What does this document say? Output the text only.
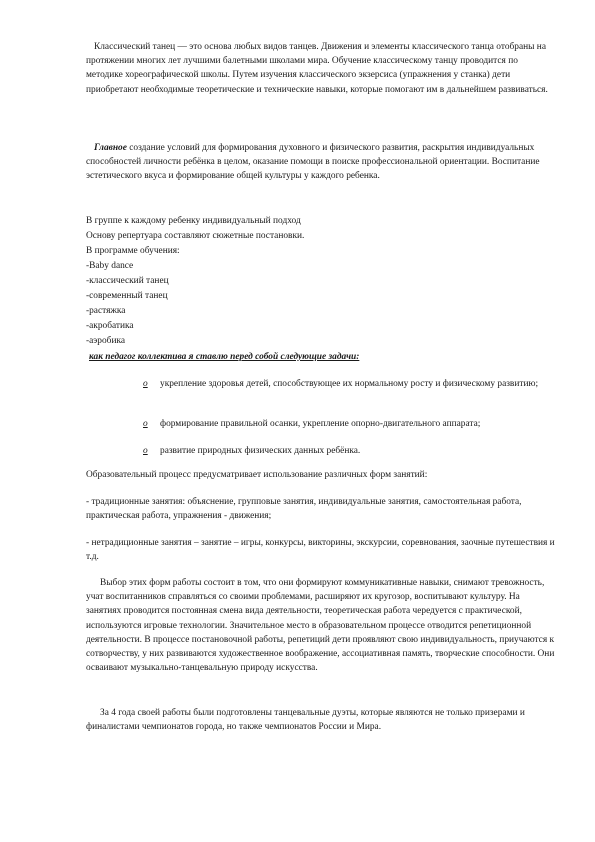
Классический танец — это основа любых видов танцев. Движения и элементы классического танца отобраны на протяжении многих лет лучшими балетными школами мира. Обучение классическому танцу проводится по методике хореографической школы. Путем изучения классического экзерсиса (упражнения у станка) дети приобретают необходимые теоретические и технические навыки, которые помогают им в дальнейшем развиваться.

Главное создание условий для формирования духовного и физического развития, раскрытия индивидуальных способностей личности ребёнка в целом, оказание помощи в поиске профессиональной ориентации. Воспитание эстетического вкуса и формирование общей культуры у каждого ребенка.

В группе к каждому ребенку индивидуальный подход
Основу репертуара составляют сюжетные постановки.
В программе обучения:
-Baby dance
-классический танец
-современный танец
-растяжка
-акробатика
-аэробика
как педагог коллектива я ставлю перед собой следующие задачи:
o укрепление здоровья детей, способствующее их нормальному росту и физическому развитию;
o формирование правильной осанки, укрепление опорно-двигательного аппарата;
o развитие природных физических данных ребёнка.
Образовательный процесс предусматривает использование различных форм занятий:

- традиционные занятия: объяснение, групповые занятия, индивидуальные занятия, самостоятельная работа, практическая работа, упражнения - движения;

- нетрадиционные занятия – занятие – игры, конкурсы, викторины, экскурсии, соревнования, заочные путешествия и т.д.

Выбор этих форм работы состоит в том, что они формируют коммуникативные навыки, снимают тревожность, учат воспитанников справляться со своими проблемами, расширяют их кругозор, воспитывают культуру. На занятиях проводится постоянная смена вида деятельности, теоретическая работа чередуется с практической, используются игровые технологии. Значительное место в образовательном процессе отводится репетиционной деятельности. В процессе постановочной работы, репетиций дети проявляют свою индивидуальность, приучаются к сотворчеству, у них развиваются художественное воображение, ассоциативная память, творческие способности. Они осваивают музыкально-танцевальную природу искусства.

За 4 года своей работы были подготовлены танцевальные дуэты, которые являются не только призерами и финалистами чемпионатов города, но также чемпионатов России и Мира.
